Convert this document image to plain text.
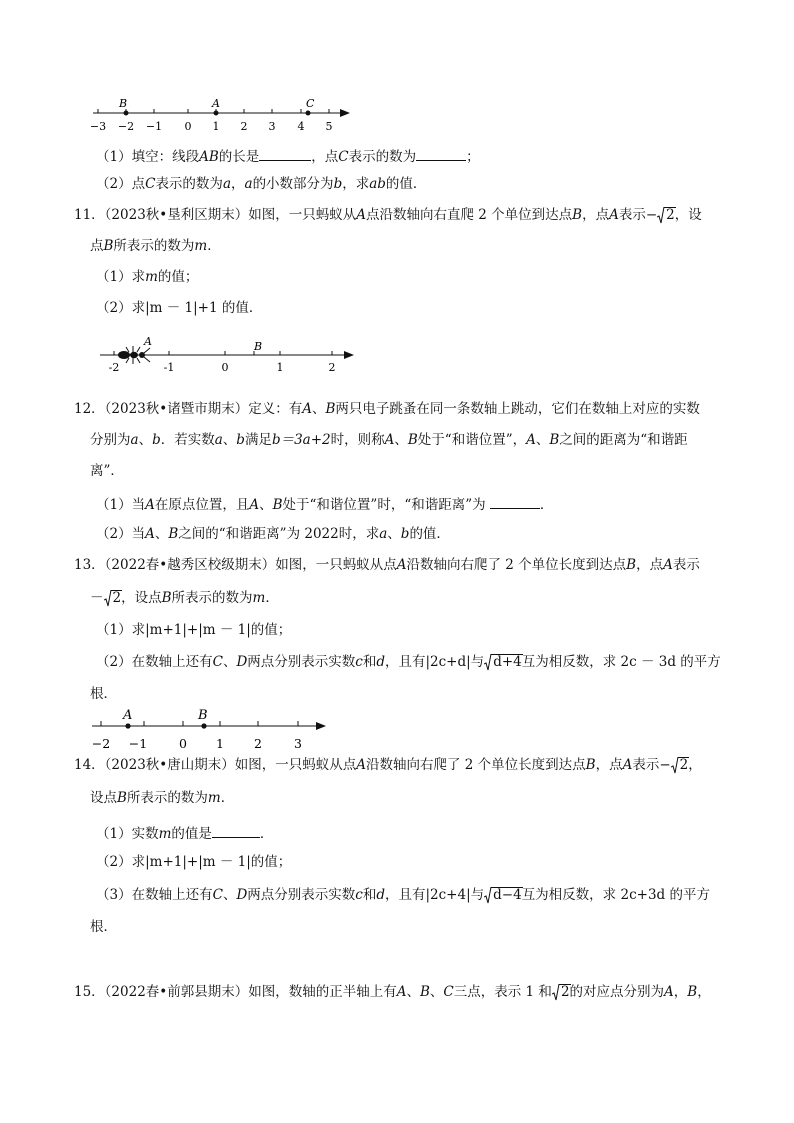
B	A	C
−3 −2 −1 0 1 2 3 4 5
（1）填空：线段AB的长是	，点C表示的数为	；
（2）点C表示的数为a，a的小数部分为b，求ab的值．
11．（2023秋•垦利区期末）如图，一只蚂蚁从A点沿数轴向右直爬 2 个单位到达点B，点A表示− 2，设
点B所表示的数为m．
（1）求m的值；
（2）求|m － 1|+1 的值．
A	B
-2	-1	0	1	2
12．（2023秋•诸暨市期末）定义：有A、B两只电子跳蚤在同一条数轴上跳动，它们在数轴上对应的实数
分别为a、b．若实数a、b满足b＝3a+2时，则称A、B处于“和谐位置”，A、B之间的距离为“和谐距
离”．
（1）当A在原点位置，且A、B处于“和谐位置”时，“和谐距离”为	．
（2）当A、B之间的“和谐距离”为 2022时，求a、b的值．
13．（2022春•越秀区校级期末）如图，一只蚂蚁从点A沿数轴向右爬了 2 个单位长度到达点B，点A表示
－ 2，设点B所表示的数为m．
（1）求|m+1|+|m － 1|的值；
（2）在数轴上还有C、D两点分别表示实数c和d，且有|2c+d|与 d+4互为相反数，求 2c － 3d 的平方
根．
A	B
−2 −1	0 1 2	3
14．（2023秋•唐山期末）如图，一只蚂蚁从点A沿数轴向右爬了 2 个单位长度到达点B，点A表示− 2，
设点B所表示的数为m．
（1）实数m的值是	．
（2）求|m+1|+|m － 1|的值；
（3）在数轴上还有C、D两点分别表示实数c和d，且有|2c+4|与 d−4互为相反数，求 2c+3d 的平方
根．
15．（2022春•前郭县期末）如图，数轴的正半轴上有A、B、C三点，表示 1 和 2的对应点分别为A，B，
